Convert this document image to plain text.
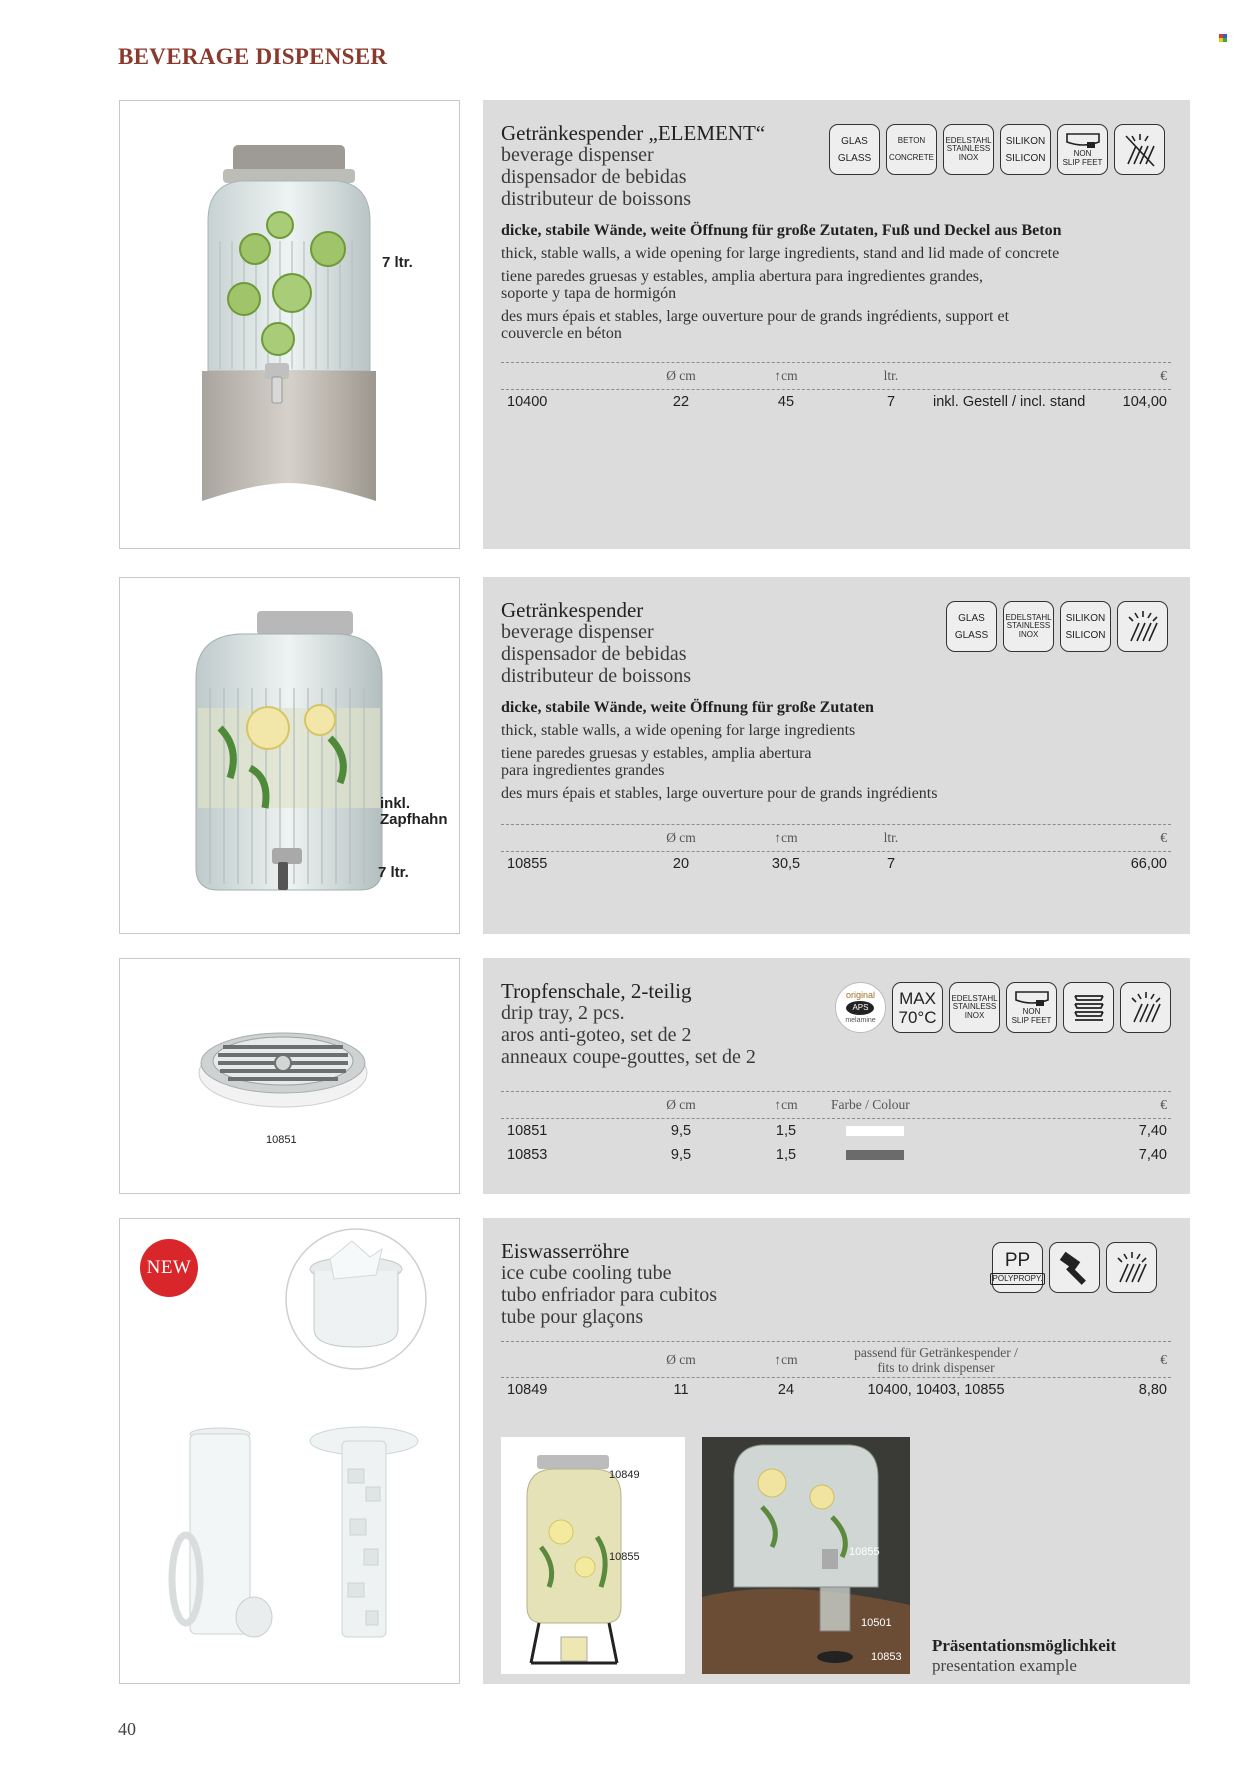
BEVERAGE DISPENSER
7 ltr.
Getränkespender „ELEMENT“
beverage dispenser
dispensador de bebidas
distributeur de boissons
GLAS
GLASS
BETON
CONCRETE
EDELSTAHL
STAINLESS
INOX
SILIKON
SILICON	NON
SLIP FEET
dicke, stabile Wände, weite Öffnung für große Zutaten, Fuß und Deckel aus Beton
thick, stable walls, a wide opening for large ingredients, stand and lid made of concrete
tiene paredes gruesas y estables, amplia abertura para ingredientes grandes,
soporte y tapa de hormigón
des murs épais et stables, large ouverture pour de grands ingrédients, support et
couvercle en béton
Ø cm	↑cm	ltr.	€
10400	22	45	7	inkl. Gestell / incl. stand	104,00
inkl.
Zapfhahn
7 ltr.
Getränkespender
beverage dispenser
dispensador de bebidas
distributeur de boissons
GLAS
GLASS
EDELSTAHL
STAINLESS
INOX
SILIKON
SILICON
dicke, stabile Wände, weite Öffnung für große Zutaten
thick, stable walls, a wide opening for large ingredients
tiene paredes gruesas y estables, amplia abertura
para ingredientes grandes
des murs épais et stables, large ouverture pour de grands ingrédients
Ø cm	↑cm	ltr.	€
10855	20	30,5	7	66,00
10851
Tropfenschale, 2-teilig
drip tray, 2 pcs.
aros anti-goteo, set de 2
anneaux coupe-gouttes, set de 2
original
APS
melamine
MAX
70°C
EDELSTAHL
STAINLESS
INOX	NON
SLIP FEET
Ø cm	↑cm	Farbe / Colour	€
10851	9,5	1,5	7,40
10853	9,5	1,5	7,40
NEW
Eiswasserröhre
ice cube cooling tube
tubo enfriador para cubitos
tube pour glaçons
PP
POLYPROPY.
Ø cm	↑cm	passend für Getränkespender /
fits to drink dispenser
€
10849	11	24	10400, 10403, 10855	8,80
10849
10855	10855
10501
10853
Präsentationsmöglichkeit
presentation example
40
